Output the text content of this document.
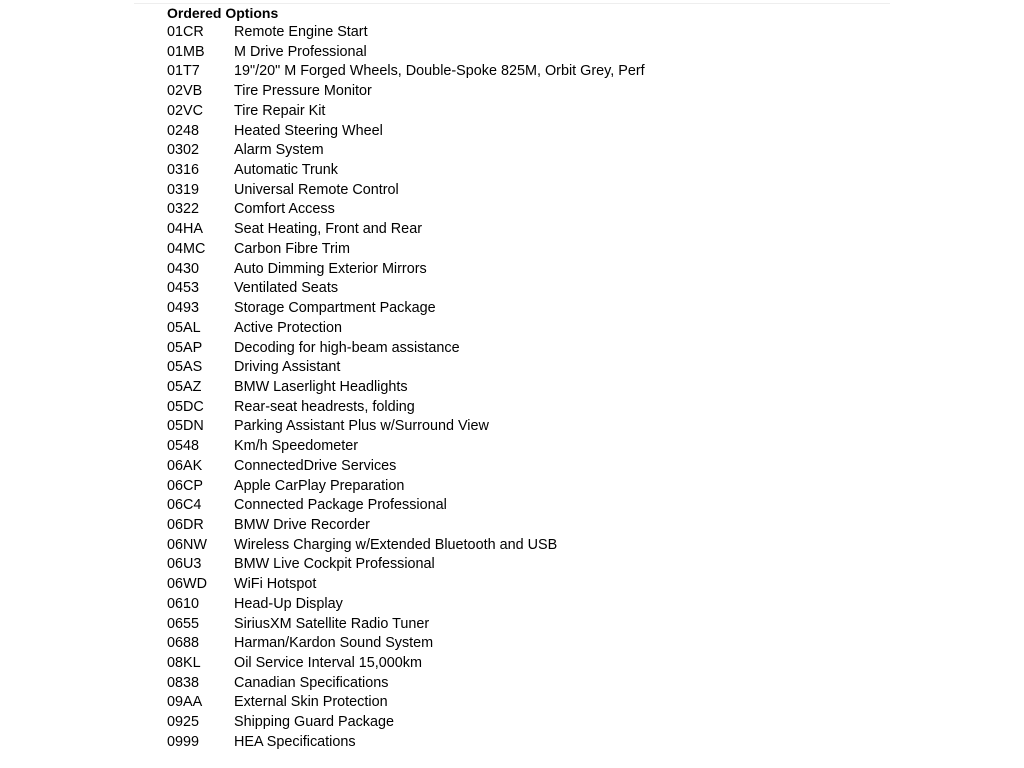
Ordered Options
01CR	Remote Engine Start
01MB	M Drive Professional
01T7	19"/20" M Forged Wheels, Double-Spoke 825M, Orbit Grey, Perf
02VB	Tire Pressure Monitor
02VC	Tire Repair Kit
0248	Heated Steering Wheel
0302	Alarm System
0316	Automatic Trunk
0319	Universal Remote Control
0322	Comfort Access
04HA	Seat Heating, Front and Rear
04MC	Carbon Fibre Trim
0430	Auto Dimming Exterior Mirrors
0453	Ventilated Seats
0493	Storage Compartment Package
05AL	Active Protection
05AP	Decoding for high-beam assistance
05AS	Driving Assistant
05AZ	BMW Laserlight Headlights
05DC	Rear-seat headrests, folding
05DN	Parking Assistant Plus w/Surround View
0548	Km/h Speedometer
06AK	ConnectedDrive Services
06CP	Apple CarPlay Preparation
06C4	Connected Package Professional
06DR	BMW Drive Recorder
06NW	Wireless Charging w/Extended Bluetooth and USB
06U3	BMW Live Cockpit Professional
06WD	WiFi Hotspot
0610	Head-Up Display
0655	SiriusXM Satellite Radio Tuner
0688	Harman/Kardon Sound System
08KL	Oil Service Interval 15,000km
0838	Canadian Specifications
09AA	External Skin Protection
0925	Shipping Guard Package
0999	HEA Specifications
